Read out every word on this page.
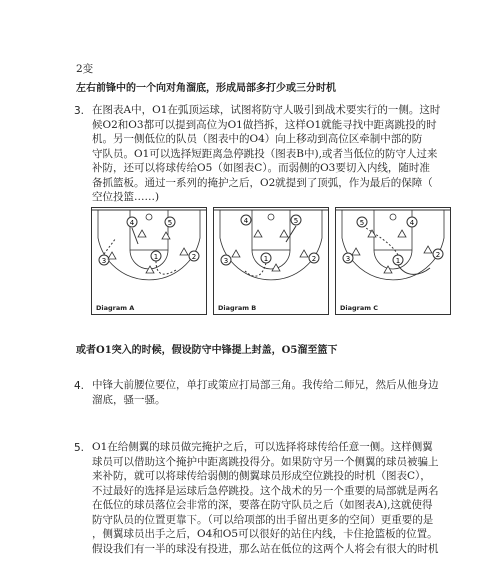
2变
左右前锋中的一个向对角溜底，形成局部多打少或三分时机
3. 在图表A中，O1在弧顶运球，试图将防守人吸引到战术要实行的一侧。这时
候O2和O3都可以提到高位为O1做挡拆，这样O1就能寻找中距离跳投的时
机。另一侧低位的队员（图表中的O4）向上移动到高位区牵制中部的防
守队员。O1可以选择短距离急停跳投（图表B中),或者当低位的防守人过来
补防，还可以将球传给O5（如图表C）。而弱侧的O3要切入内线，随时准
备抓篮板。通过一系列的掩护之后，O2就提到了顶弧，作为最后的保障（
空位投篮……)
4	5
3	2
1
Diagram A
4	5
3	2
1
Diagram B
5	4
3	2
1
Diagram C
或者O1突入的时候，假设防守中锋提上封盖，O5溜至篮下
4. 中锋大前腰位要位，单打或策应打局部三角。我传给二师兄，然后从他身边
溜底，骚一骚。
5. O1在给侧翼的球员做完掩护之后，可以选择将球传给任意一侧。这样侧翼
球员可以借助这个掩护中距离跳投得分。如果防守另一个侧翼的球员被骗上
来补防，就可以将球传给弱侧的侧翼球员形成空位跳投的时机（图表C），
不过最好的选择是运球后急停跳投。这个战术的另一个重要的局部就是两名
在低位的球员落位会非常的深，要落在防守队员之后（如图表A),这就使得
防守队员的位置更靠下。（可以给项部的出手留出更多的空间）更重要的是
，侧翼球员出手之后，O4和O5可以很好的站住内线，卡住抢篮板的位置。
假设我们有一半的球没有投进，那么站在低位的这两个人将会有很大的时机
